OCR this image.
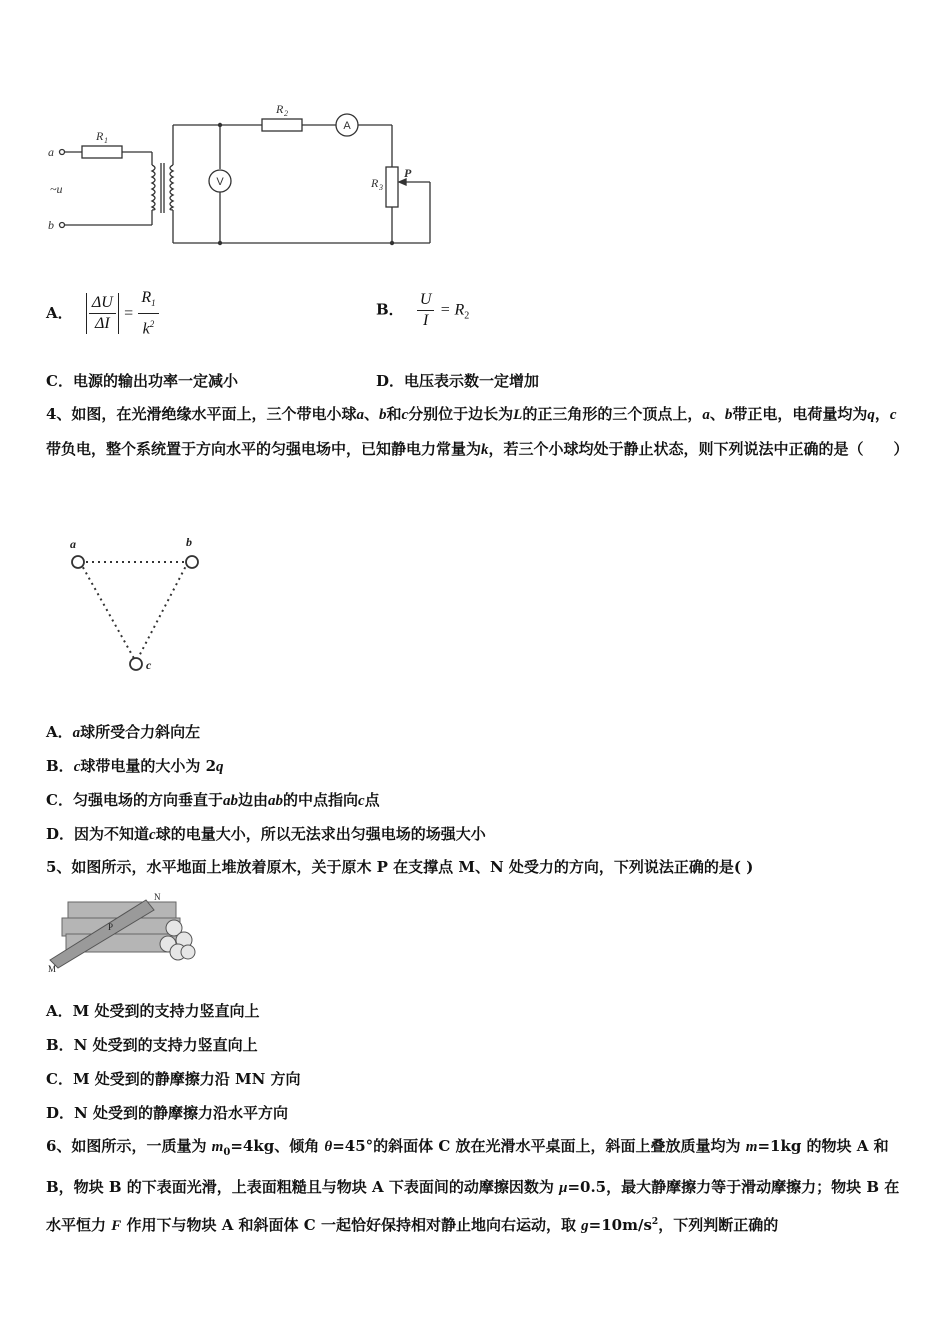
a
b
~u
R 1
R 2
R 3
P
A
V
A． $\frac{\Delta U}{\Delta I} = \frac{R_1}{k^2}$	B． $\frac{U}{I} = R_2$
C．电源的输出功率一定减小	D．电压表示数一定增加
4、如图，在光滑绝缘水平面上，三个带电小球a、b和c分别位于边长为L的正三角形的三个顶点上，a、b带正电，电荷量均为q，c带负电，整个系统置于方向水平的匀强电场中，已知静电力常量为k，若三个小球均处于静止状态，则下列说法中正确的是（　　）
a	b
c
A．a球所受合力斜向左
B．c球带电量的大小为 2q
C．匀强电场的方向垂直于ab边由ab的中点指向c点
D．因为不知道c球的电量大小，所以无法求出匀强电场的场强大小
5、如图所示，水平地面上堆放着原木，关于原木 P 在支撑点 M、N 处受力的方向，下列说法正确的是( )
M
N
P
A．M 处受到的支持力竖直向上
B．N 处受到的支持力竖直向上
C．M 处受到的静摩擦力沿 MN 方向
D．N 处受到的静摩擦力沿水平方向
6、如图所示，一质量为 $m_0=4kg$、倾角 θ=45°的斜面体 C 放在光滑水平桌面上，斜面上叠放质量均为 m=1kg 的物块 A 和 B，物块 B 的下表面光滑，上表面粗糙且与物块 A 下表面间的动摩擦因数为 μ=0.5，最大静摩擦力等于滑动摩擦力；物块 B 在水平恒力 F 作用下与物块 A 和斜面体 C 一起恰好保持相对静止地向右运动，取 $g=10m/s^2$，下列判断正确的
